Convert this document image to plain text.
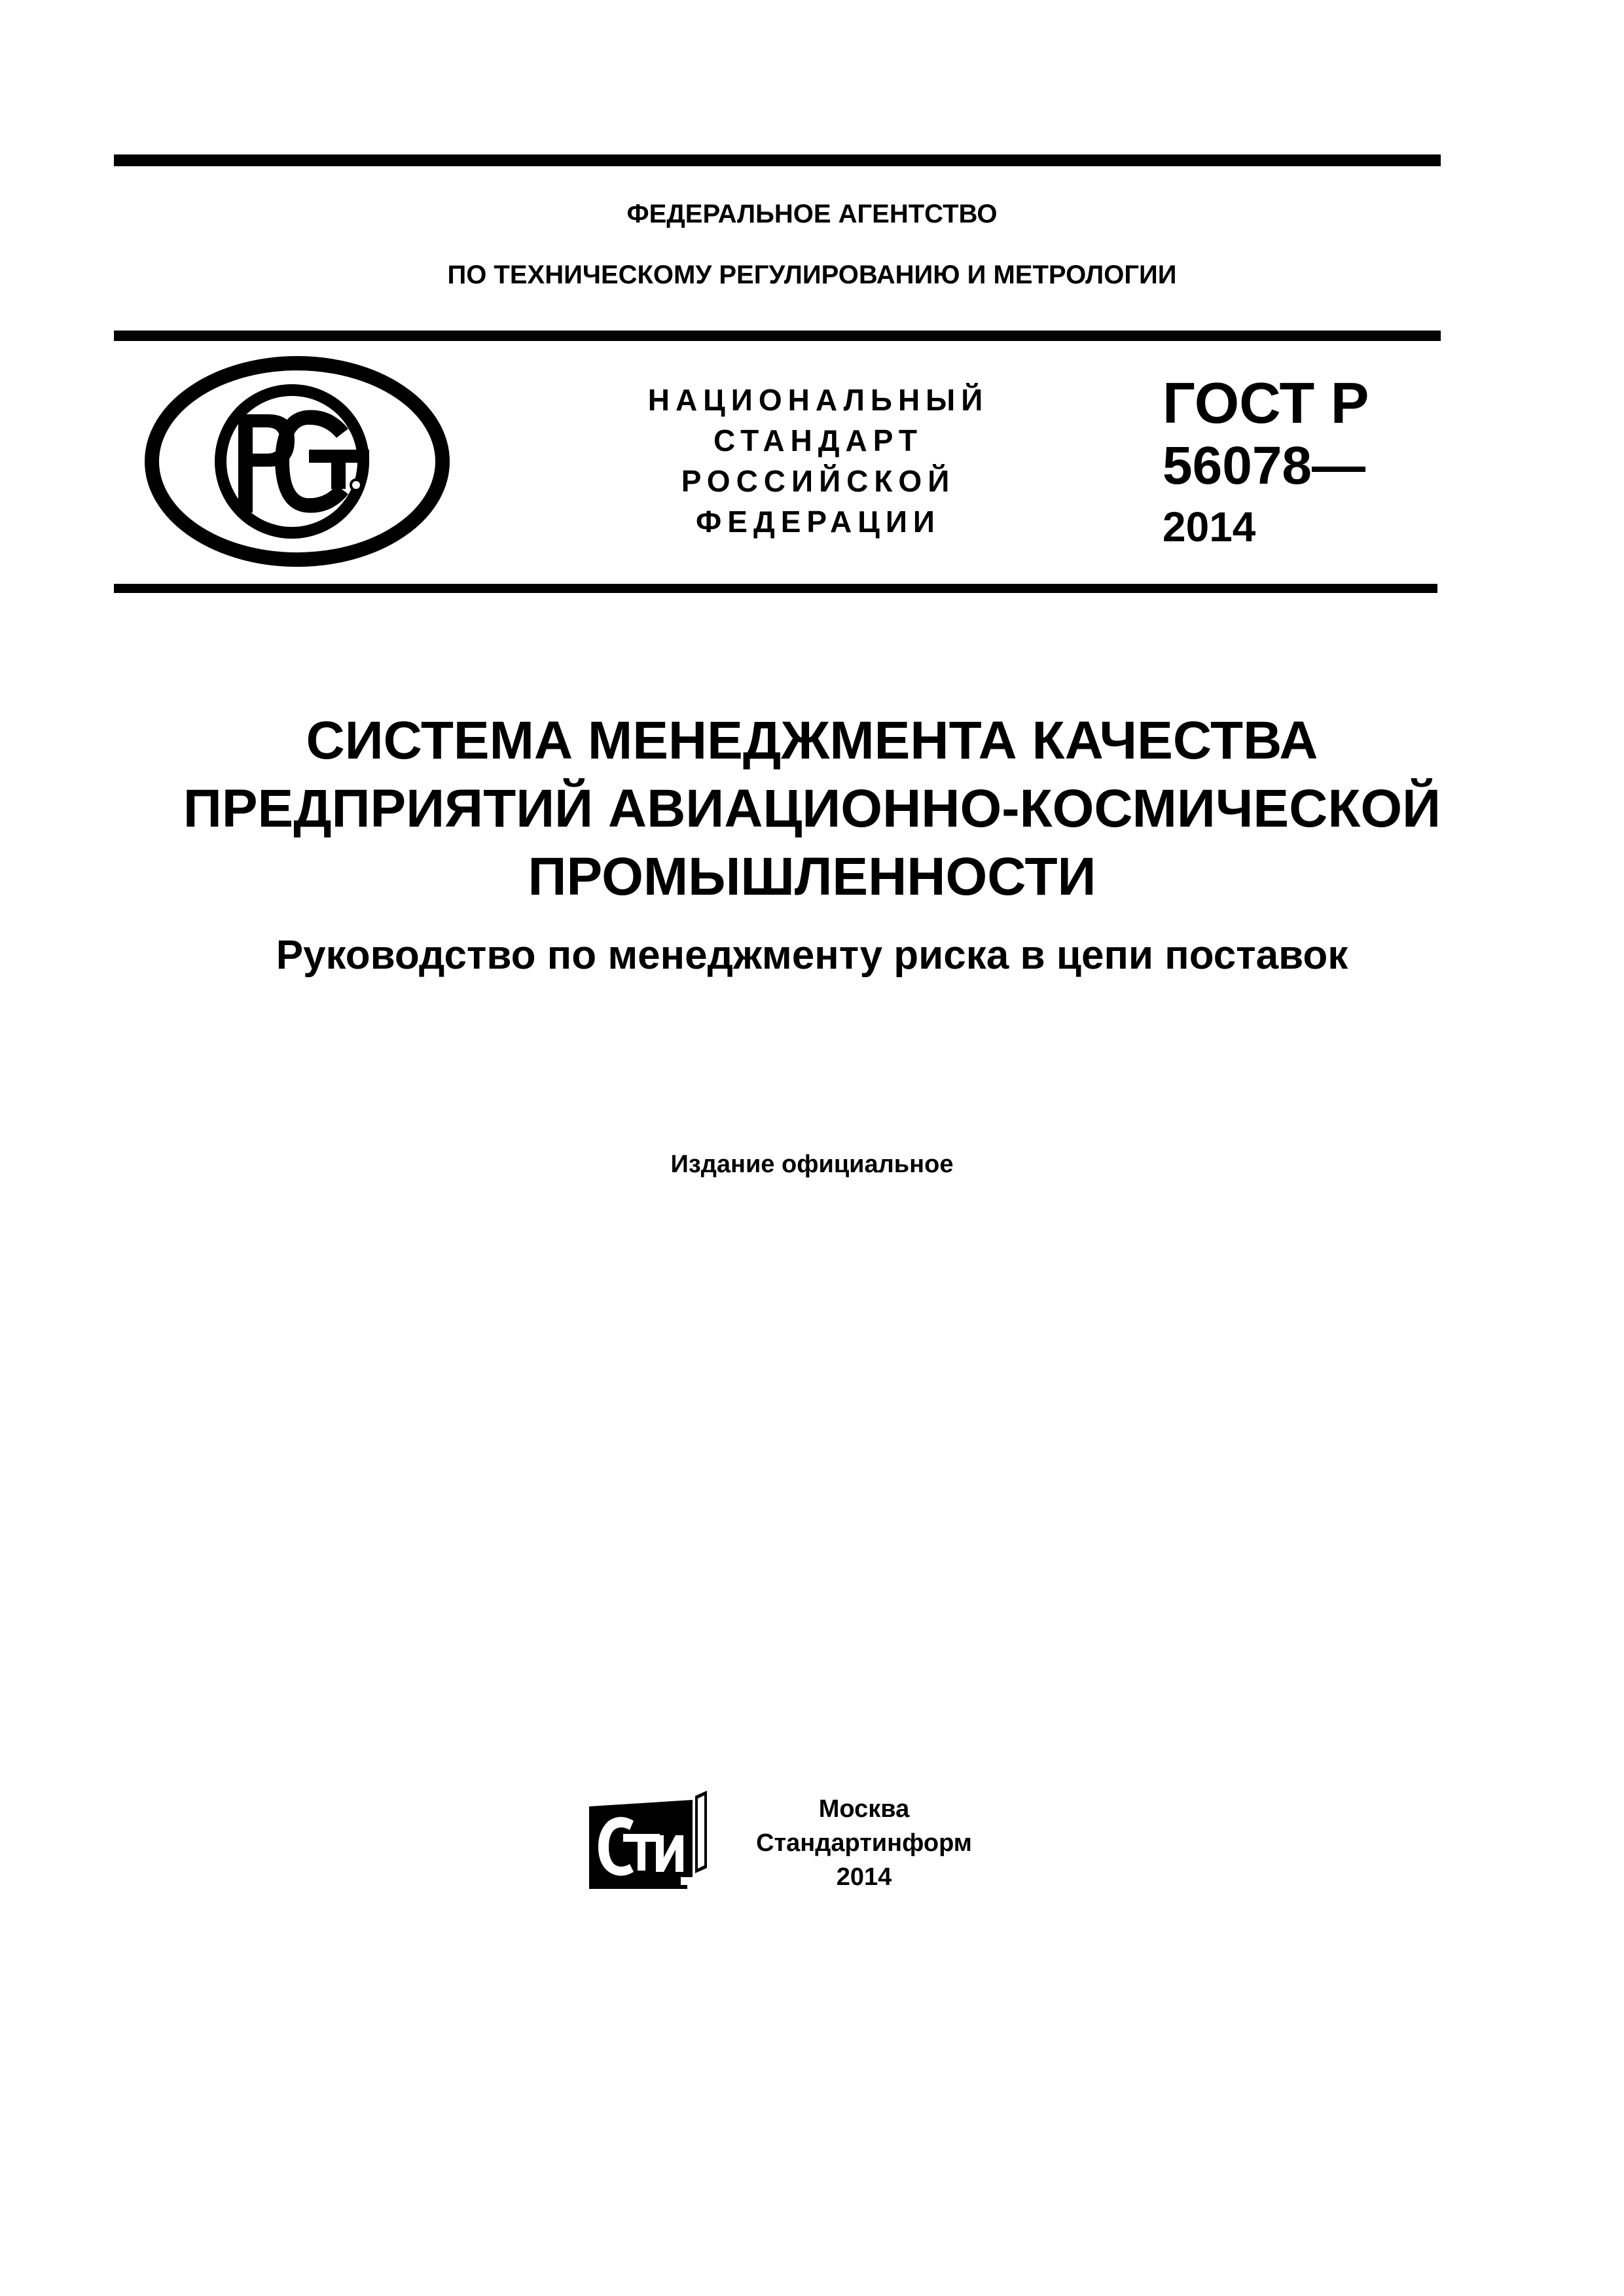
ФЕДЕРАЛЬНОЕ АГЕНТСТВО
ПО ТЕХНИЧЕСКОМУ РЕГУЛИРОВАНИЮ И МЕТРОЛОГИИ
НАЦИОНАЛЬНЫЙ
СТАНДАРТ
РОССИЙСКОЙ
ФЕДЕРАЦИИ
ГОСТ Р
56078—
2014
СИСТЕМА МЕНЕДЖМЕНТА КАЧЕСТВА
ПРЕДПРИЯТИЙ АВИАЦИОННО-КОСМИЧЕСКОЙ
ПРОМЫШЛЕННОСТИ
Руководство по менеджменту риска в цепи поставок
Издание официальное
Москва
Стандартинформ
2014
